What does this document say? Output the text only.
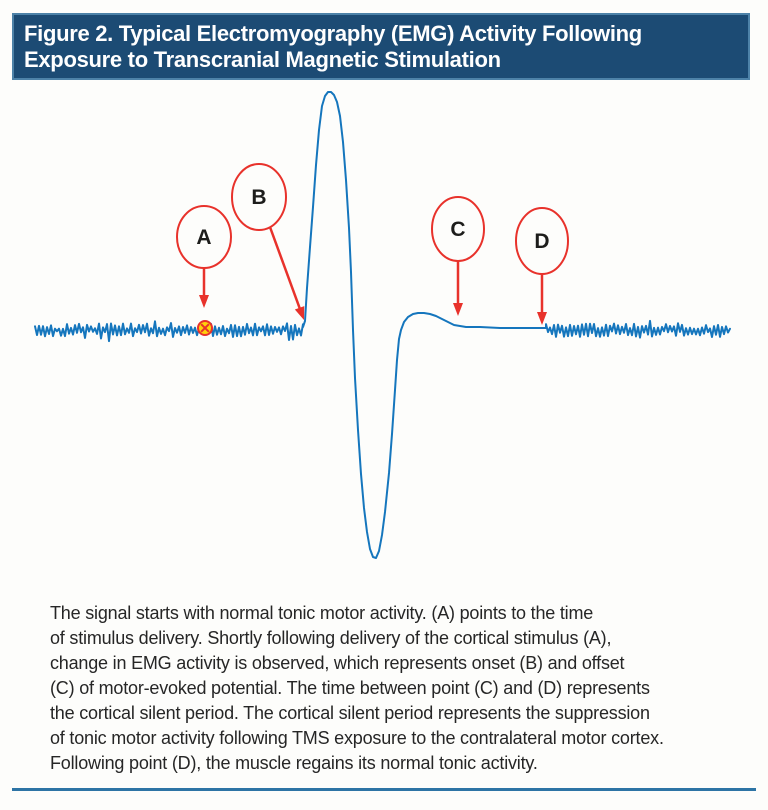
Figure 2. Typical Electromyography (EMG) Activity Following
Exposure to Transcranial Magnetic Stimulation
A
B
C
D
The signal starts with normal tonic motor activity. (A) points to the time
of stimulus delivery. Shortly following delivery of the cortical stimulus (A),
change in EMG activity is observed, which represents onset (B) and offset
(C) of motor-evoked potential. The time between point (C) and (D) represents
the cortical silent period. The cortical silent period represents the suppression
of tonic motor activity following TMS exposure to the contralateral motor cortex.
Following point (D), the muscle regains its normal tonic activity.
